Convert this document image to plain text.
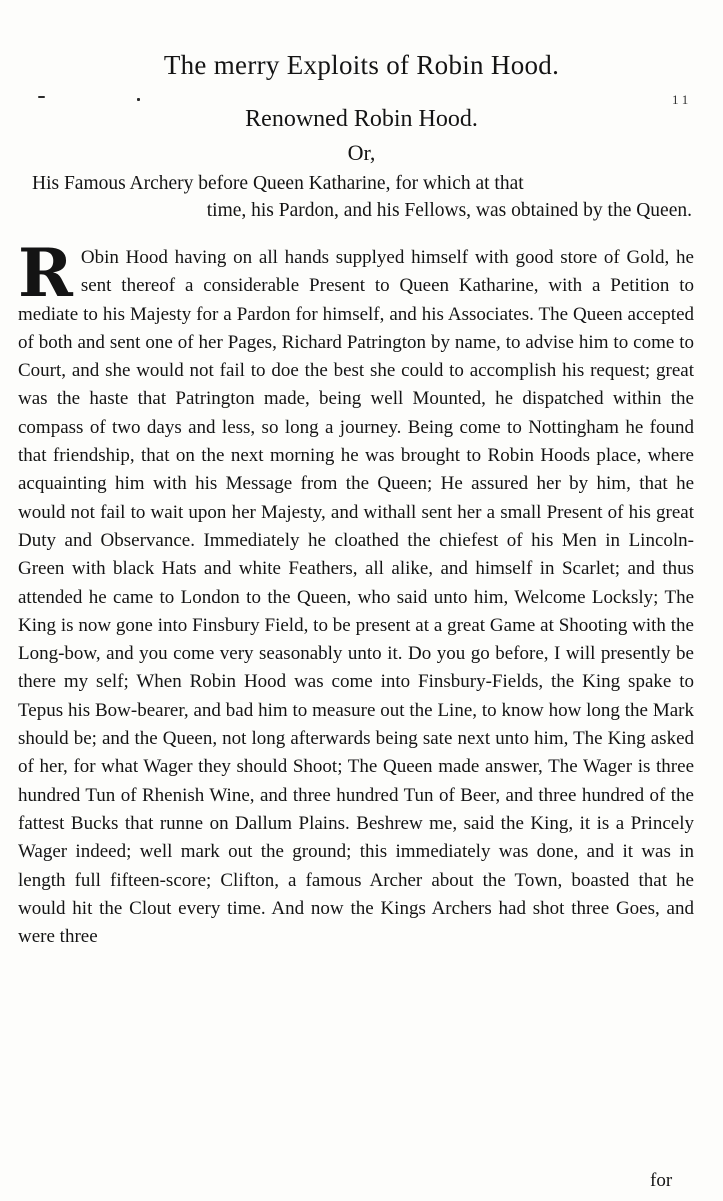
The merry Exploits of Robin Hood.
1 1
Renowned Robin Hood.
Or,
His Famous Archery before Queen Katharine, for which at that
time, his Pardon, and his Fellows, was obtained by the Queen.
R Obin Hood having on all hands supplyed himself with good store of Gold, he sent thereof a considerable Present to Queen Katharine, with a Petition to mediate to his Majesty for a Pardon for himself, and his Associates. The Queen accepted of both and sent one of her Pages, Richard Patrington by name, to advise him to come to Court, and she would not fail to doe the best she could to accomplish his request; great was the haste that Patrington made, being well Mounted, he dispatched within the compass of two days and less, so long a journey. Being come to Nottingham he found that friendship, that on the next morning he was brought to Robin Hoods place, where acquainting him with his Message from the Queen; He assured her by him, that he would not fail to wait upon her Majesty, and withall sent her a small Present of his great Duty and Observance. Immediately he cloathed the chiefest of his Men in Lincoln-Green with black Hats and white Feathers, all alike, and himself in Scarlet; and thus attended he came to London to the Queen, who said unto him, Welcome Locksly; The King is now gone into Finsbury Field, to be present at a great Game at Shooting with the Long-bow, and you come very seasonably unto it. Do you go before, I will presently be there my self; When Robin Hood was come into Finsbury-Fields, the King spake to Tepus his Bow-bearer, and bad him to measure out the Line, to know how long the Mark should be; and the Queen, not long afterwards being sate next unto him, The King asked of her, for what Wager they should Shoot; The Queen made answer, The Wager is three hundred Tun of Rhenish Wine, and three hundred Tun of Beer, and three hundred of the fattest Bucks that runne on Dallum Plains. Beshrew me, said the King, it is a Princely Wager indeed; well mark out the ground; this immediately was done, and it was in length full fifteen-score; Clifton, a famous Archer about the Town, boasted that he would hit the Clout every time. And now the Kings Archers had shot three Goes, and were three
for
